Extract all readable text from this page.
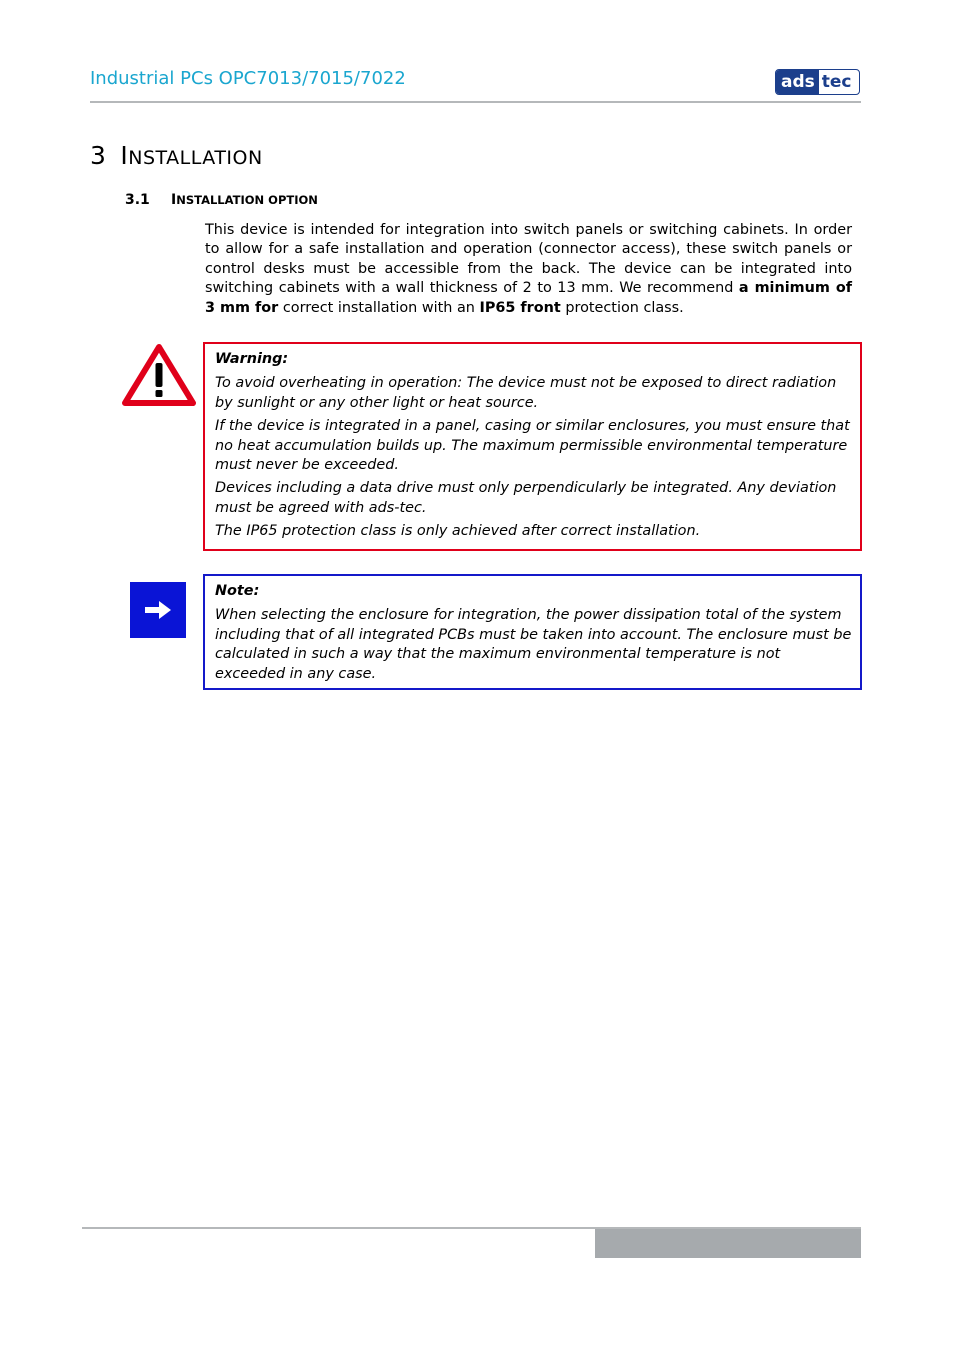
Industrial PCs OPC7013/7015/7022	ads tec
3 INSTALLATION
3.1 INSTALLATION OPTION
This device is intended for integration into switch panels or switching cabinets. In order to allow for a safe installation and operation (connector access), these switch panels or control desks must be accessible from the back. The device can be integrated into switching cabinets with a wall thickness of 2 to 13 mm. We recommend a minimum of 3 mm for correct installation with an IP65 front protection class.
Warning:

To avoid overheating in operation: The device must not be exposed to direct radiation by sunlight or any other light or heat source.

If the device is integrated in a panel, casing or similar enclosures, you must ensure that no heat accumulation builds up. The maximum permissible environmental temperature must never be exceeded.

Devices including a data drive must only perpendicularly be integrated. Any deviation must be agreed with ads-tec.

The IP65 protection class is only achieved after correct installation.

Note:

When selecting the enclosure for integration, the power dissipation total of the system including that of all integrated PCBs must be taken into account. The enclosure must be calculated in such a way that the maximum environmental temperature is not exceeded in any case.
